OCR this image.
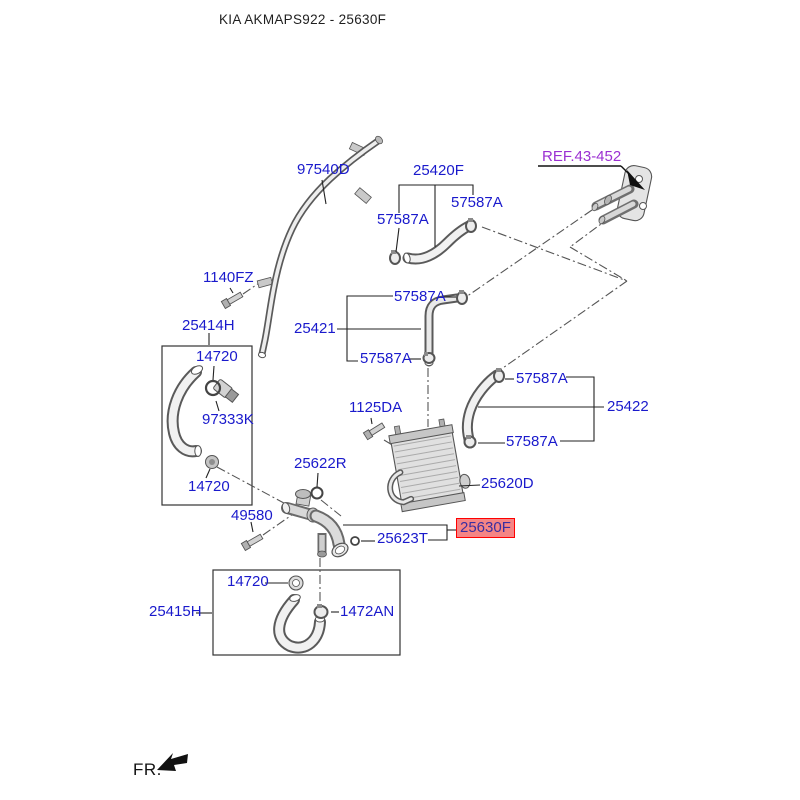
KIA AKMAPS922 - 25630F
97540D	25420F
57587A
57587A
REF.43-452
1140FZ
25414H	25421
57587A
57587A
14720
97333K
57587A
25422
57587A
1125DA
25622R
14720	25620D
49580
25623T
25630F
14720
1472AN
25415H
FR.
